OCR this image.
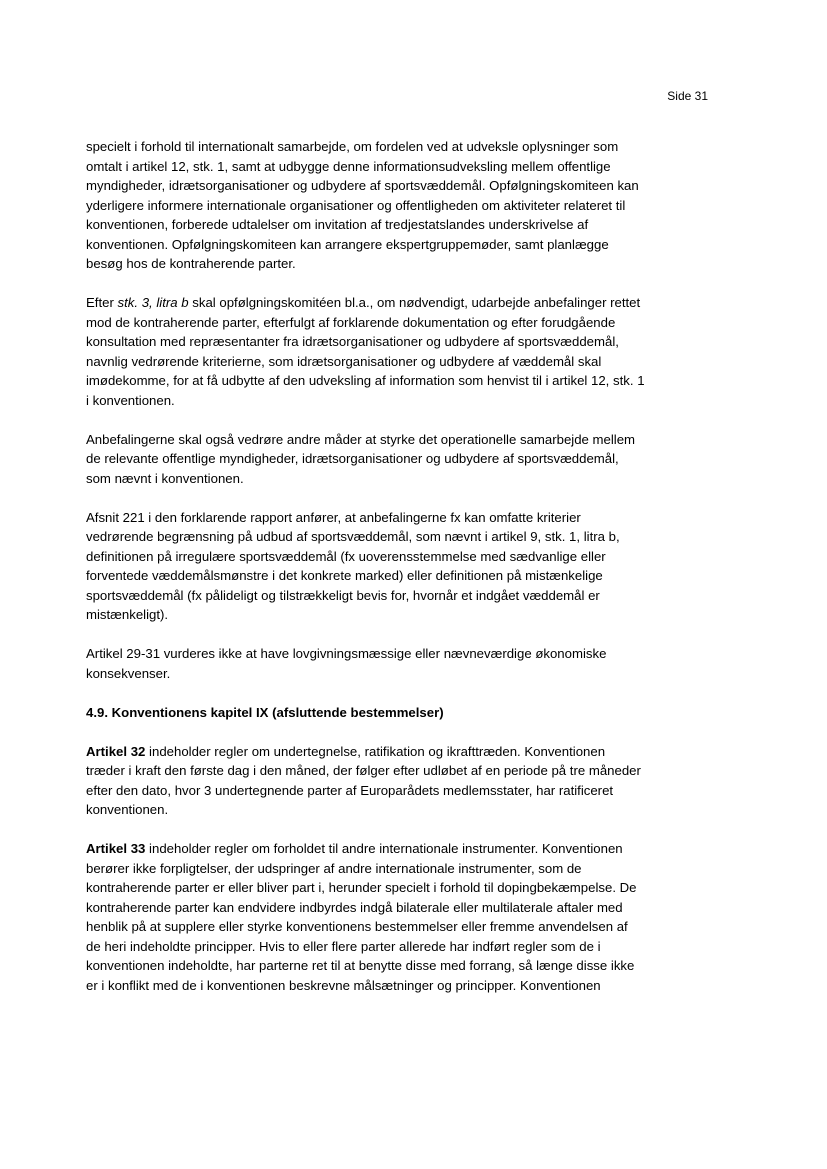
Side 31

specielt i forhold til internationalt samarbejde, om fordelen ved at udveksle oplysninger som omtalt i artikel 12, stk. 1, samt at udbygge denne informationsudveksling mellem offentlige myndigheder, idrætsorganisationer og udbydere af sportsvæddemål. Opfølgningskomiteen kan yderligere informere internationale organisationer og offentligheden om aktiviteter relateret til konventionen, forberede udtalelser om invitation af tredjestatslandes underskrivelse af konventionen. Opfølgningskomiteen kan arrangere ekspertgruppemøder, samt planlægge besøg hos de kontraherende parter.

Efter stk. 3, litra b skal opfølgningskomitéen bl.a., om nødvendigt, udarbejde anbefalinger rettet mod de kontraherende parter, efterfulgt af forklarende dokumentation og efter forudgående konsultation med repræsentanter fra idrætsorganisationer og udbydere af sportsvæddemål, navnlig vedrørende kriterierne, som idrætsorganisationer og udbydere af væddemål skal imødekomme, for at få udbytte af den udveksling af information som henvist til i artikel 12, stk. 1 i konventionen.

Anbefalingerne skal også vedrøre andre måder at styrke det operationelle samarbejde mellem de relevante offentlige myndigheder, idrætsorganisationer og udbydere af sportsvæddemål, som nævnt i konventionen.

Afsnit 221 i den forklarende rapport anfører, at anbefalingerne fx kan omfatte kriterier vedrørende begrænsning på udbud af sportsvæddemål, som nævnt i artikel 9, stk. 1, litra b, definitionen på irregulære sportsvæddemål (fx uoverensstemmelse med sædvanlige eller forventede væddemålsmønstre i det konkrete marked) eller definitionen på mistænkelige sportsvæddemål (fx pålideligt og tilstrækkeligt bevis for, hvornår et indgået væddemål er mistænkeligt).

Artikel 29-31 vurderes ikke at have lovgivningsmæssige eller nævneværdige økonomiske konsekvenser.

4.9. Konventionens kapitel IX (afsluttende bestemmelser)

Artikel 32 indeholder regler om undertegnelse, ratifikation og ikrafttræden. Konventionen træder i kraft den første dag i den måned, der følger efter udløbet af en periode på tre måneder efter den dato, hvor 3 undertegnende parter af Europarådets medlemsstater, har ratificeret konventionen.

Artikel 33 indeholder regler om forholdet til andre internationale instrumenter. Konventionen berører ikke forpligtelser, der udspringer af andre internationale instrumenter, som de kontraherende parter er eller bliver part i, herunder specielt i forhold til dopingbekæmpelse. De kontraherende parter kan endvidere indbyrdes indgå bilaterale eller multilaterale aftaler med henblik på at supplere eller styrke konventionens bestemmelser eller fremme anvendelsen af de heri indeholdte principper. Hvis to eller flere parter allerede har indført regler som de i konventionen indeholdte, har parterne ret til at benytte disse med forrang, så længe disse ikke er i konflikt med de i konventionen beskrevne målsætninger og principper. Konventionen
